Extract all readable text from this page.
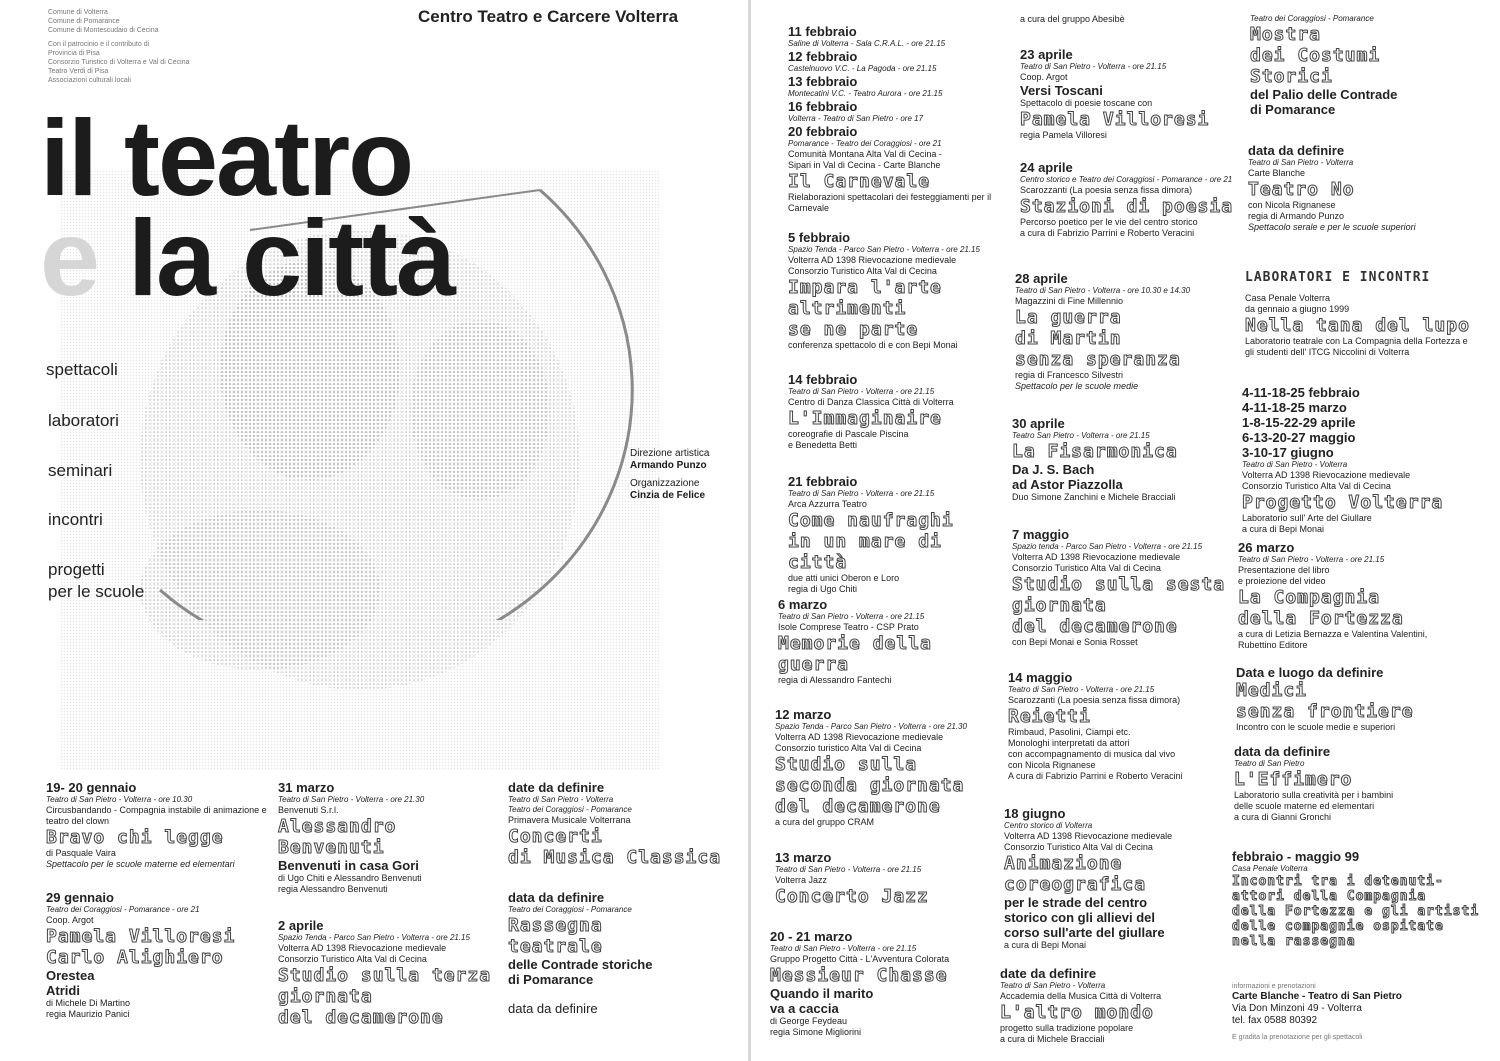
Centro Teatro e Carcere Volterra
Comune di Volterra
Comune di Pomarance
Comune di Montescudaio di Cecina
Con il patrocinio e il contributo di
Provincia di Pisa
Consorzio Turistico di Volterra e Val di Cecina
Teatro Verdi di Pisa
Associazioni culturali locali
il teatro
e la città
spettacoli
laboratori
seminari
incontri
progetti
per le scuole
Direzione artistica
Armando Punzo
Organizzazione
Cinzia de Felice
19- 20 gennaio
Teatro di San Pietro - Volterra - ore 10.30
Circusbandando - Compagnia instabile di animazione e teatro del clown
Bravo chi legge
di Pasquale Vaira
Spettacolo per le scuole materne ed elementari
29 gennaio
Teatro dei Coraggiosi - Pomarance - ore 21
Coop. Argot
Pamela Villoresi
Carlo Alighiero
Orestea
Atridi
di Michele Di Martino
regia Maurizio Panici
31 marzo
Teatro di San Pietro - Volterra - ore 21.30
Benvenuti S.r.l.
Alessandro
Benvenuti
Benvenuti in casa Gori
di Ugo Chiti e Alessandro Benvenuti
regia Alessandro Benvenuti
2 aprile
Spazio Tenda - Parco San Pietro - Volterra - ore 21.15
Volterra AD 1398 Rievocazione medievale
Consorzio Turistico Alta Val di Cecina
Studio sulla terza
giornata
del decamerone
date da definire
Teatro di San Pietro - Volterra
Teatro dei Coraggiosi - Pomarance
Primavera Musicale Volterrana
Concerti
di Musica Classica
data da definire
Teatro dei Coraggiosi - Pomarance
Rassegna
teatrale
delle Contrade storiche
di Pomarance
data da definire
11 febbraio
Saline di Volterra - Sala C.R.A.L. - ore 21.15
12 febbraio
Castelnuovo V.C. - La Pagoda - ore 21.15
13 febbraio
Montecatini V.C. - Teatro Aurora - ore 21.15
16 febbraio
Volterra - Teatro di San Pietro - ore 17
20 febbraio
Pomarance - Teatro dei Coraggiosi - ore 21
Comunità Montana Alta Val di Cecina -
Sipari in Val di Cecina - Carte Blanche
Il Carnevale
Rielaborazioni spettacolari dei festeggiamenti per il Carnevale
5 febbraio
Spazio Tenda - Parco San Pietro - Volterra - ore 21.15
Volterra AD 1398 Rievocazione medievale
Consorzio Turistico Alta Val di Cecina
Impara l'arte
altrimenti
se ne parte
conferenza spettacolo di e con Bepi Monai
14 febbraio
Teatro di San Pietro - Volterra - ore 21.15
Centro di Danza Classica Città di Volterra
L'Immaginaire
coreografie di Pascale Piscina
e Benedetta Betti
21 febbraio
Teatro di San Pietro - Volterra - ore 21.15
Arca Azzurra Teatro
Come naufraghi
in un mare di città
due atti unici Oberon e Loro
regia di Ugo Chiti
6 marzo
Teatro di San Pietro - Volterra - ore 21.15
Isole Comprese Teatro - CSP Prato
Memorie della
guerra
regia di Alessandro Fantechi
12 marzo
Spazio Tenda - Parco San Pietro - Volterra - ore 21.30
Volterra AD 1398 Rievocazione medievale
Consorzio turistico Alta Val di Cecina
Studio sulla
seconda giornata
del decamerone
a cura del gruppo CRAM
13 marzo
Teatro di San Pietro - Volterra - ore 21.15
Volterra Jazz
Concerto Jazz
20 - 21 marzo
Teatro di San Pietro - Volterra - ore 21.15
Gruppo Progetto Città - L'Avventura Colorata
Messieur Chasse
Quando il marito
va a caccia
di George Feydeau
regia Simone Migliorini
a cura del gruppo Abesibè
23 aprile
Teatro di San Pietro - Volterra - ore 21.15
Coop. Argot
Versi Toscani
Spettacolo di poesie toscane con
Pamela Villoresi
regia Pamela Villoresi
24 aprile
Centro storico e Teatro dei Coraggiosi - Pomarance - ore 21
Scarozzanti (La poesia senza fissa dimora)
Stazioni di poesia
Percorso poetico per le vie del centro storico
a cura di Fabrizio Parrini e Roberto Veracini
28 aprile
Teatro di San Pietro - Volterra - ore 10.30 e 14.30
Magazzini di Fine Millennio
La guerra
di Martin
senza speranza
regia di Francesco Silvestri
Spettacolo per le scuole medie
30 aprile
Teatro San Pietro - Volterra - ore 21.15
La Fisarmonica
Da J. S. Bach
ad Astor Piazzolla
Duo Simone Zanchini e Michele Bracciali
7 maggio
Spazio tenda - Parco San Pietro - Volterra - ore 21.15
Volterra AD 1398 Rievocazione medievale
Consorzio Turistico Alta Val di Cecina
Studio sulla sesta
giornata
del decamerone
con Bepi Monai e Sonia Rosset
14 maggio
Teatro di San Pietro - Volterra - ore 21.15
Scarozzanti (La poesia senza fissa dimora)
Reietti
Rimbaud, Pasolini, Ciampi etc.
Monologhi interpretati da attori
con accompagnamento di musica dal vivo
con Nicola Rignanese
A cura di Fabrizio Parrini e Roberto Veracini
18 giugno
Centro storico di Volterra
Volterra AD 1398 Rievocazione medievale
Consorzio Turistico Alta Val di Cecina
Animazione
coreografica
per le strade del centro
storico con gli allievi del
corso sull'arte del giullare
a cura di Bepi Monai
date da definire
Teatro di San Pietro - Volterra
Accademia della Musica Città di Volterra
L'altro mondo
progetto sulla tradizione popolare
a cura di Michele Bracciali
Teatro dei Coraggiosi - Pomarance
Mostra
dei Costumi
Storici
del Palio delle Contrade
di Pomarance
data da definire
Teatro di San Pietro - Volterra
Carte Blanche
Teatro No
con Nicola Rignanese
regia di Armando Punzo
Spettacolo serale e per le scuole superiori
LABORATORI E INCONTRI
Casa Penale Volterra
da gennaio a giugno 1999
Nella tana del lupo
Laboratorio teatrale con La Compagnia della Fortezza e gli studenti dell' ITCG Niccolini di Volterra
4-11-18-25 febbraio
4-11-18-25 marzo
1-8-15-22-29 aprile
6-13-20-27 maggio
3-10-17 giugno
Teatro di San Pietro - Volterra
Volterra AD 1398 Rievocazione medievale
Consorzio Turistico Alta Val di Cecina
Progetto Volterra
Laboratorio sull' Arte del Giullare
a cura di Bepi Monai
26 marzo
Teatro di San Pietro - Volterra - ore 21.15
Presentazione del libro
e proiezione del video
La Compagnia
della Fortezza
a cura di Letizia Bernazza e Valentina Valentini,
Rubettino Editore
Data e luogo da definire
Medici
senza frontiere
Incontro con le scuole medie e superiori
data da definire
Teatro di San Pietro
L'Effimero
Laboratorio sulla creatività per i bambini
delle scuole materne ed elementari
a cura di Gianni Gronchi
febbraio - maggio 99
Casa Penale Volterra
Incontri tra i detenuti-
attori della Compagnia
della Fortezza e gli artisti
delle compagnie ospitate
nella rassegna
informazioni e prenotazioni
Carte Blanche - Teatro di San Pietro
Via Don Minzoni 49 - Volterra
tel. fax 0588 80392
E gradita la prenotazione per gli spettacoli
